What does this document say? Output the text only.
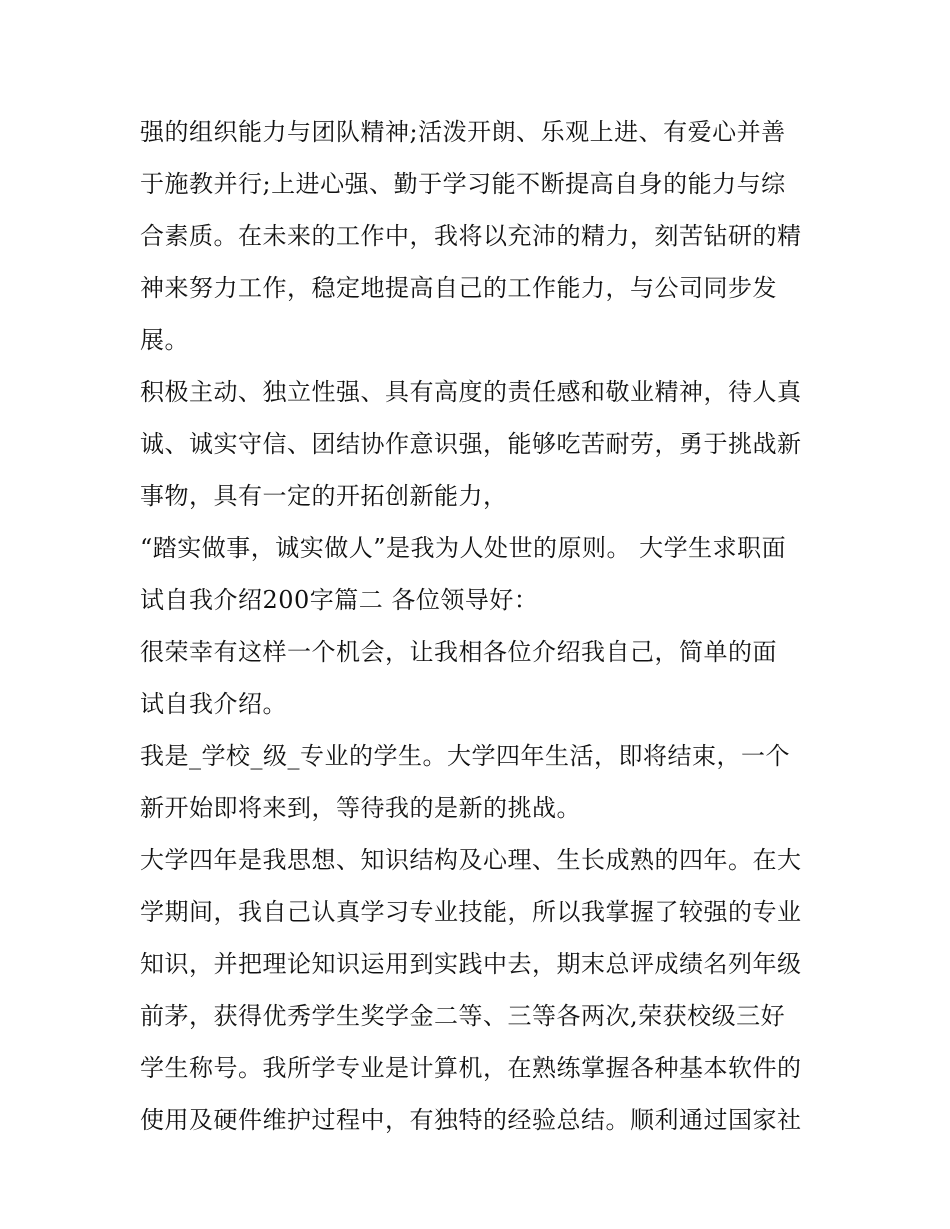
强的组织能力与团队精神;活泼开朗、乐观上进、有爱心并善
于施教并行;上进心强、勤于学习能不断提高自身的能力与综
合素质。在未来的工作中，我将以充沛的精力，刻苦钻研的精
神来努力工作，稳定地提高自己的工作能力，与公司同步发
展。
积极主动、独立性强、具有高度的责任感和敬业精神，待人真
诚、诚实守信、团结协作意识强，能够吃苦耐劳，勇于挑战新
事物，具有一定的开拓创新能力，
“踏实做事，诚实做人”是我为人处世的原则。 大学生求职面
试自我介绍200字篇二 各位领导好：
很荣幸有这样一个机会，让我相各位介绍我自己，简单的面
试自我介绍。
我是_学校_级_专业的学生。大学四年生活，即将结束，一个
新开始即将来到，等待我的是新的挑战。
大学四年是我思想、知识结构及心理、生长成熟的四年。在大
学期间，我自己认真学习专业技能，所以我掌握了较强的专业
知识，并把理论知识运用到实践中去，期末总评成绩名列年级
前茅，获得优秀学生奖学金二等、三等各两次,荣获校级三好
学生称号。我所学专业是计算机，在熟练掌握各种基本软件的
使用及硬件维护过程中，有独特的经验总结。顺利通过国家社
